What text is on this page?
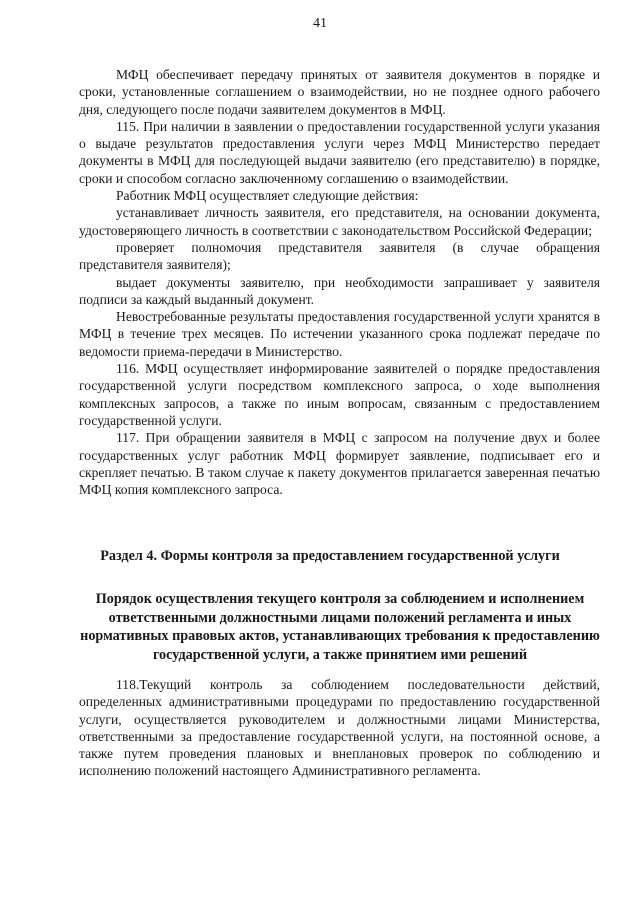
41

МФЦ обеспечивает передачу принятых от заявителя документов в порядке и сроки, установленные соглашением о взаимодействии, но не позднее одного рабочего дня, следующего после подачи заявителем документов в МФЦ.

115. При наличии в заявлении о предоставлении государственной услуги указания о выдаче результатов предоставления услуги через МФЦ Министерство передает документы в МФЦ для последующей выдачи заявителю (его представителю) в порядке, сроки и способом согласно заключенному соглашению о взаимодействии.

Работник МФЦ осуществляет следующие действия:

устанавливает личность заявителя, его представителя, на основании документа, удостоверяющего личность в соответствии с законодательством Российской Федерации;

проверяет полномочия представителя заявителя (в случае обращения представителя заявителя);

выдает документы заявителю, при необходимости запрашивает у заявителя подписи за каждый выданный документ.

Невостребованные результаты предоставления государственной услуги хранятся в МФЦ в течение трех месяцев. По истечении указанного срока подлежат передаче по ведомости приема-передачи в Министерство.

116. МФЦ осуществляет информирование заявителей о порядке предоставления государственной услуги посредством комплексного запроса, о ходе выполнения комплексных запросов, а также по иным вопросам, связанным с предоставлением государственной услуги.

117. При обращении заявителя в МФЦ с запросом на получение двух и более государственных услуг работник МФЦ формирует заявление, подписывает его и скрепляет печатью. В таком случае к пакету документов прилагается заверенная печатью МФЦ копия комплексного запроса.

Раздел 4. Формы контроля за предоставлением государственной услуги
Порядок осуществления текущего контроля за соблюдением и исполнением ответственными должностными лицами положений регламента и иных нормативных правовых актов, устанавливающих требования к предоставлению государственной услуги, а также принятием ими решений

118.Текущий контроль за соблюдением последовательности действий, определенных административными процедурами по предоставлению государственной услуги, осуществляется руководителем и должностными лицами Министерства, ответственными за предоставление государственной услуги, на постоянной основе, а также путем проведения плановых и внеплановых проверок по соблюдению и исполнению положений настоящего Административного регламента.
